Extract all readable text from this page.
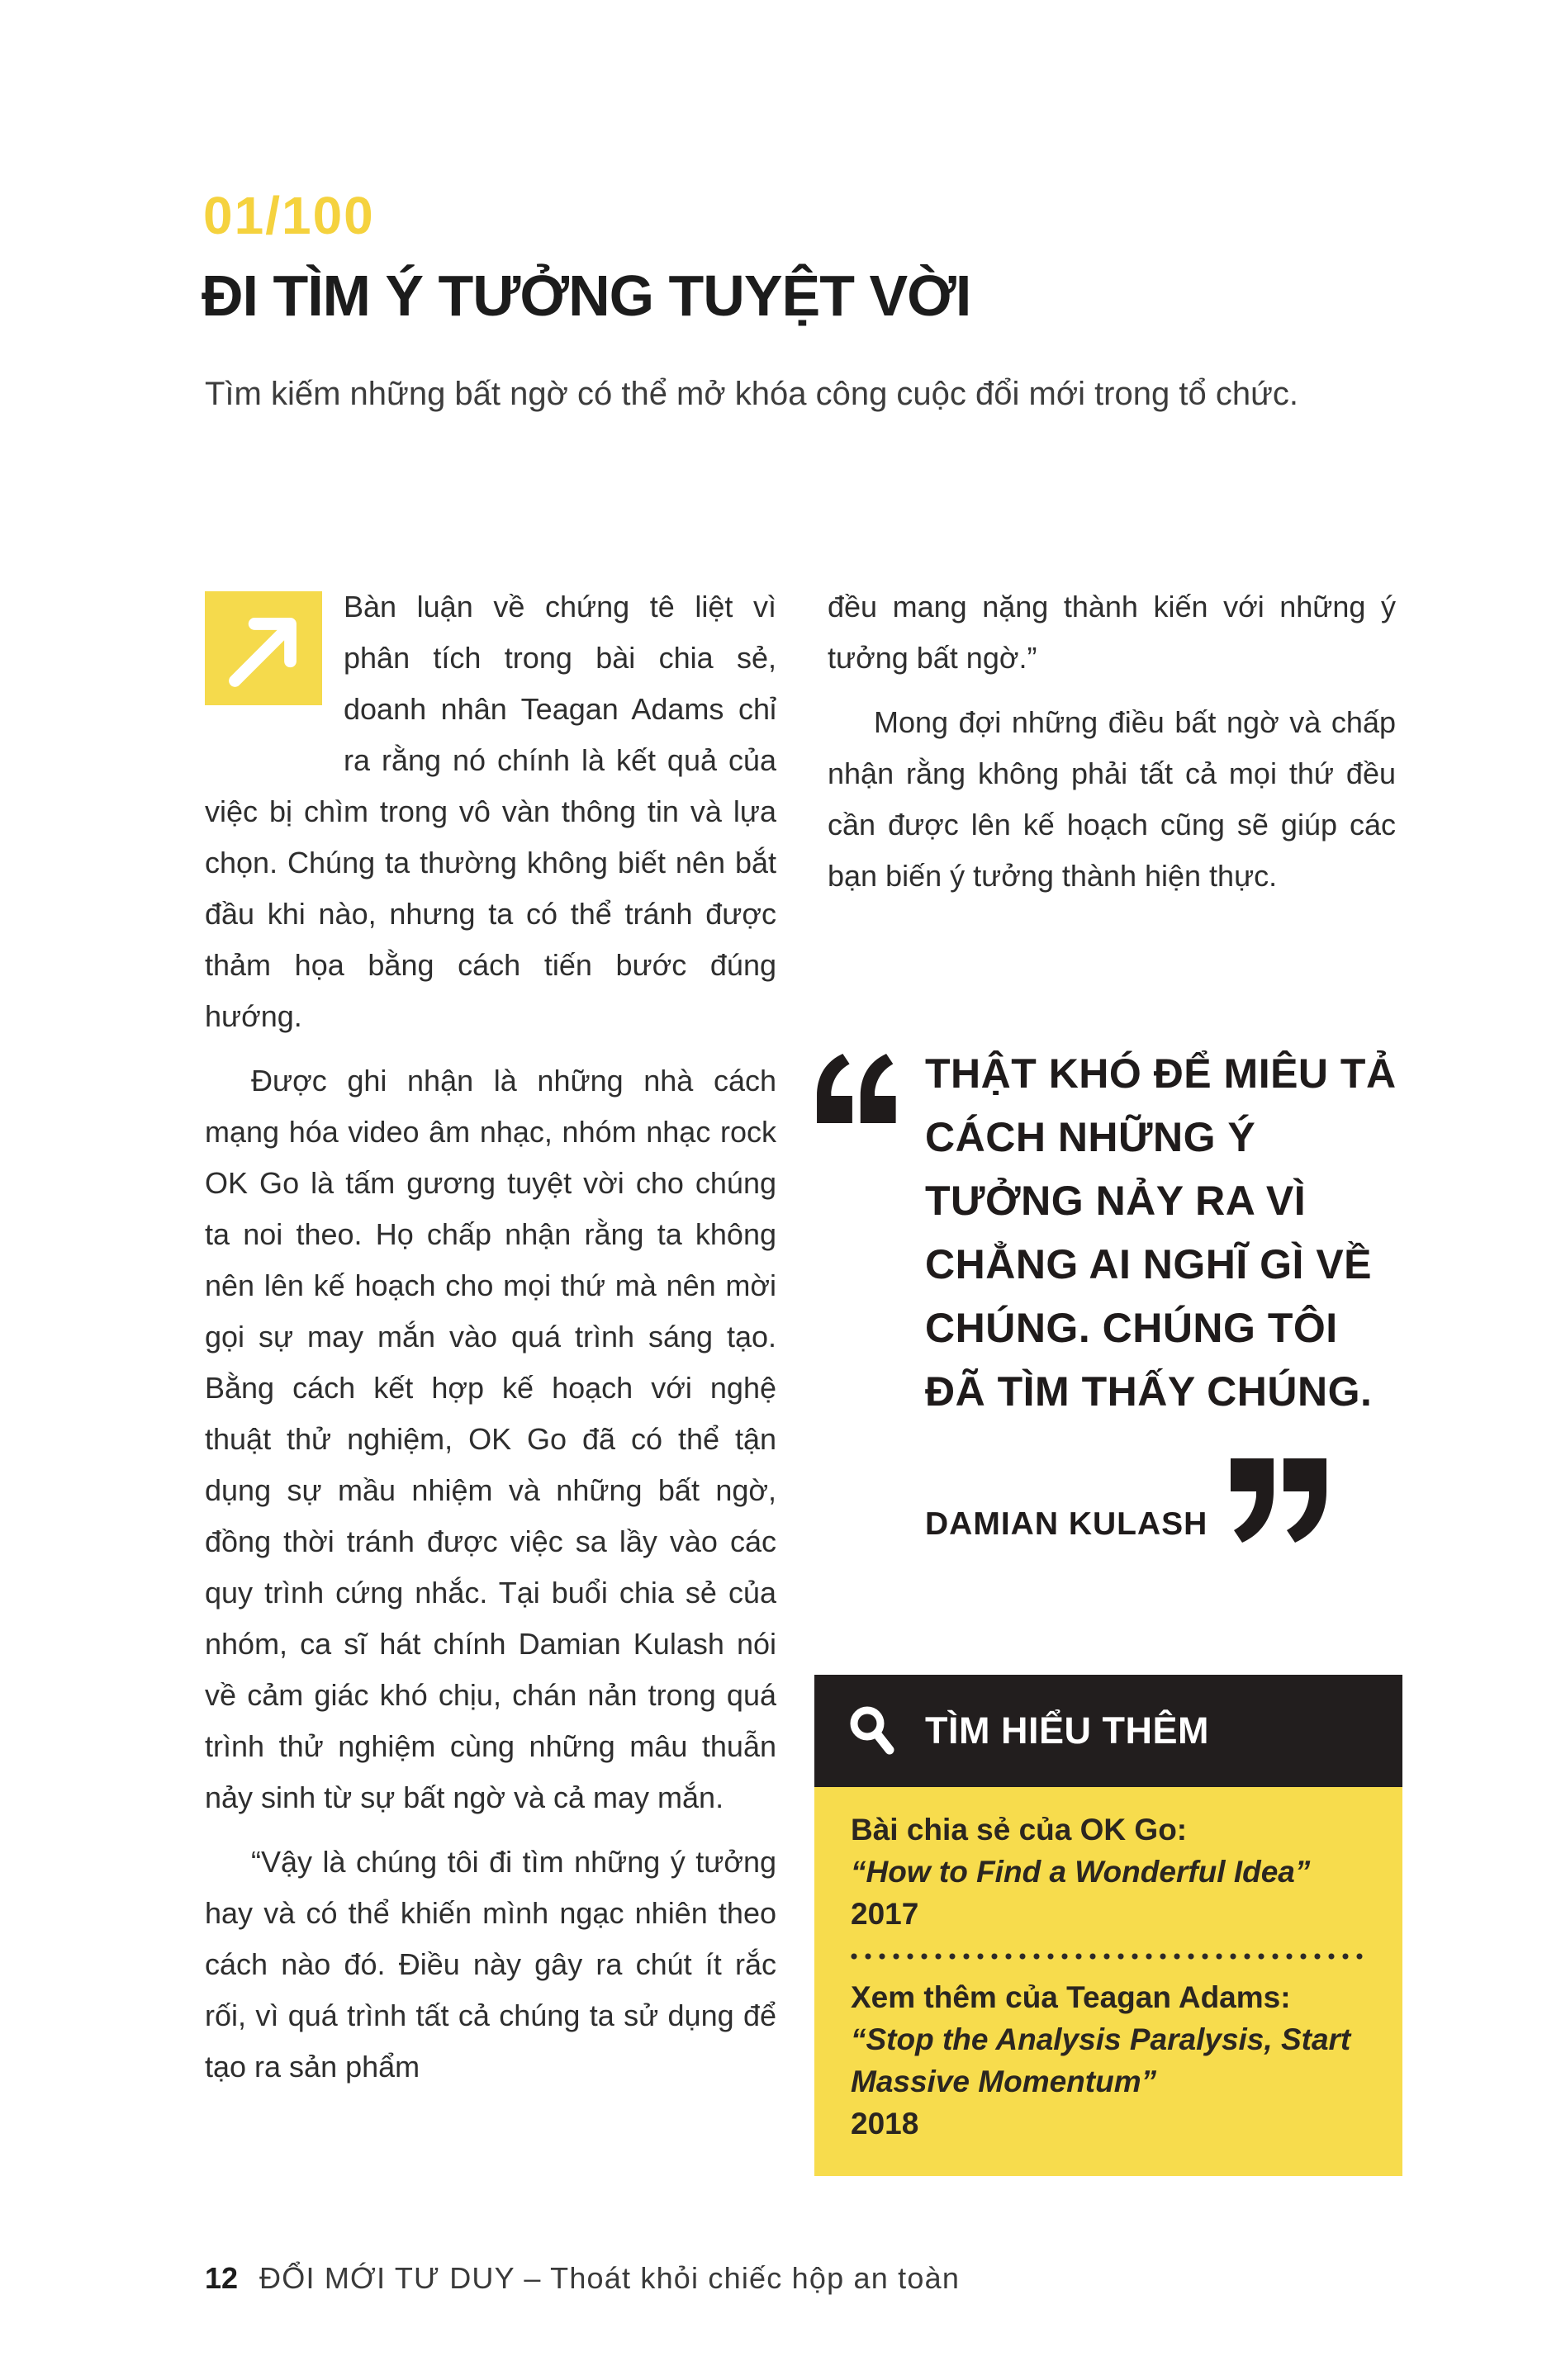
01/100
ĐI TÌM Ý TƯỞNG TUYỆT VỜI
Tìm kiếm những bất ngờ có thể mở khóa công cuộc đổi mới trong tổ chức.

Bàn luận về chứng tê liệt vì phân tích trong bài chia sẻ, doanh nhân Teagan Adams chỉ ra rằng nó chính là kết quả của việc bị chìm trong vô vàn thông tin và lựa chọn. Chúng ta thường không biết nên bắt đầu khi nào, nhưng ta có thể tránh được thảm họa bằng cách tiến bước đúng hướng.

Được ghi nhận là những nhà cách mạng hóa video âm nhạc, nhóm nhạc rock OK Go là tấm gương tuyệt vời cho chúng ta noi theo. Họ chấp nhận rằng ta không nên lên kế hoạch cho mọi thứ mà nên mời gọi sự may mắn vào quá trình sáng tạo. Bằng cách kết hợp kế hoạch với nghệ thuật thử nghiệm, OK Go đã có thể tận dụng sự mầu nhiệm và những bất ngờ, đồng thời tránh được việc sa lầy vào các quy trình cứng nhắc. Tại buổi chia sẻ của nhóm, ca sĩ hát chính Damian Kulash nói về cảm giác khó chịu, chán nản trong quá trình thử nghiệm cùng những mâu thuẫn nảy sinh từ sự bất ngờ và cả may mắn.

“Vậy là chúng tôi đi tìm những ý tưởng hay và có thể khiến mình ngạc nhiên theo cách nào đó. Điều này gây ra chút ít rắc rối, vì quá trình tất cả chúng ta sử dụng để tạo ra sản phẩm

đều mang nặng thành kiến với những ý tưởng bất ngờ.”

Mong đợi những điều bất ngờ và chấp nhận rằng không phải tất cả mọi thứ đều cần được lên kế hoạch cũng sẽ giúp các bạn biến ý tưởng thành hiện thực.

THẬT KHÓ ĐỂ MIÊU TẢ CÁCH NHỮNG Ý TƯỞNG NẢY RA VÌ CHẲNG AI NGHĨ GÌ VỀ CHÚNG. CHÚNG TÔI ĐÃ TÌM THẤY CHÚNG.
DAMIAN KULASH
TÌM HIỂU THÊM
Bài chia sẻ của OK Go:
“How to Find a Wonderful Idea”
2017
Xem thêm của Teagan Adams:
“Stop the Analysis Paralysis, Start Massive Momentum”
2018
12 ĐỔI MỚI TƯ DUY – Thoát khỏi chiếc hộp an toàn
